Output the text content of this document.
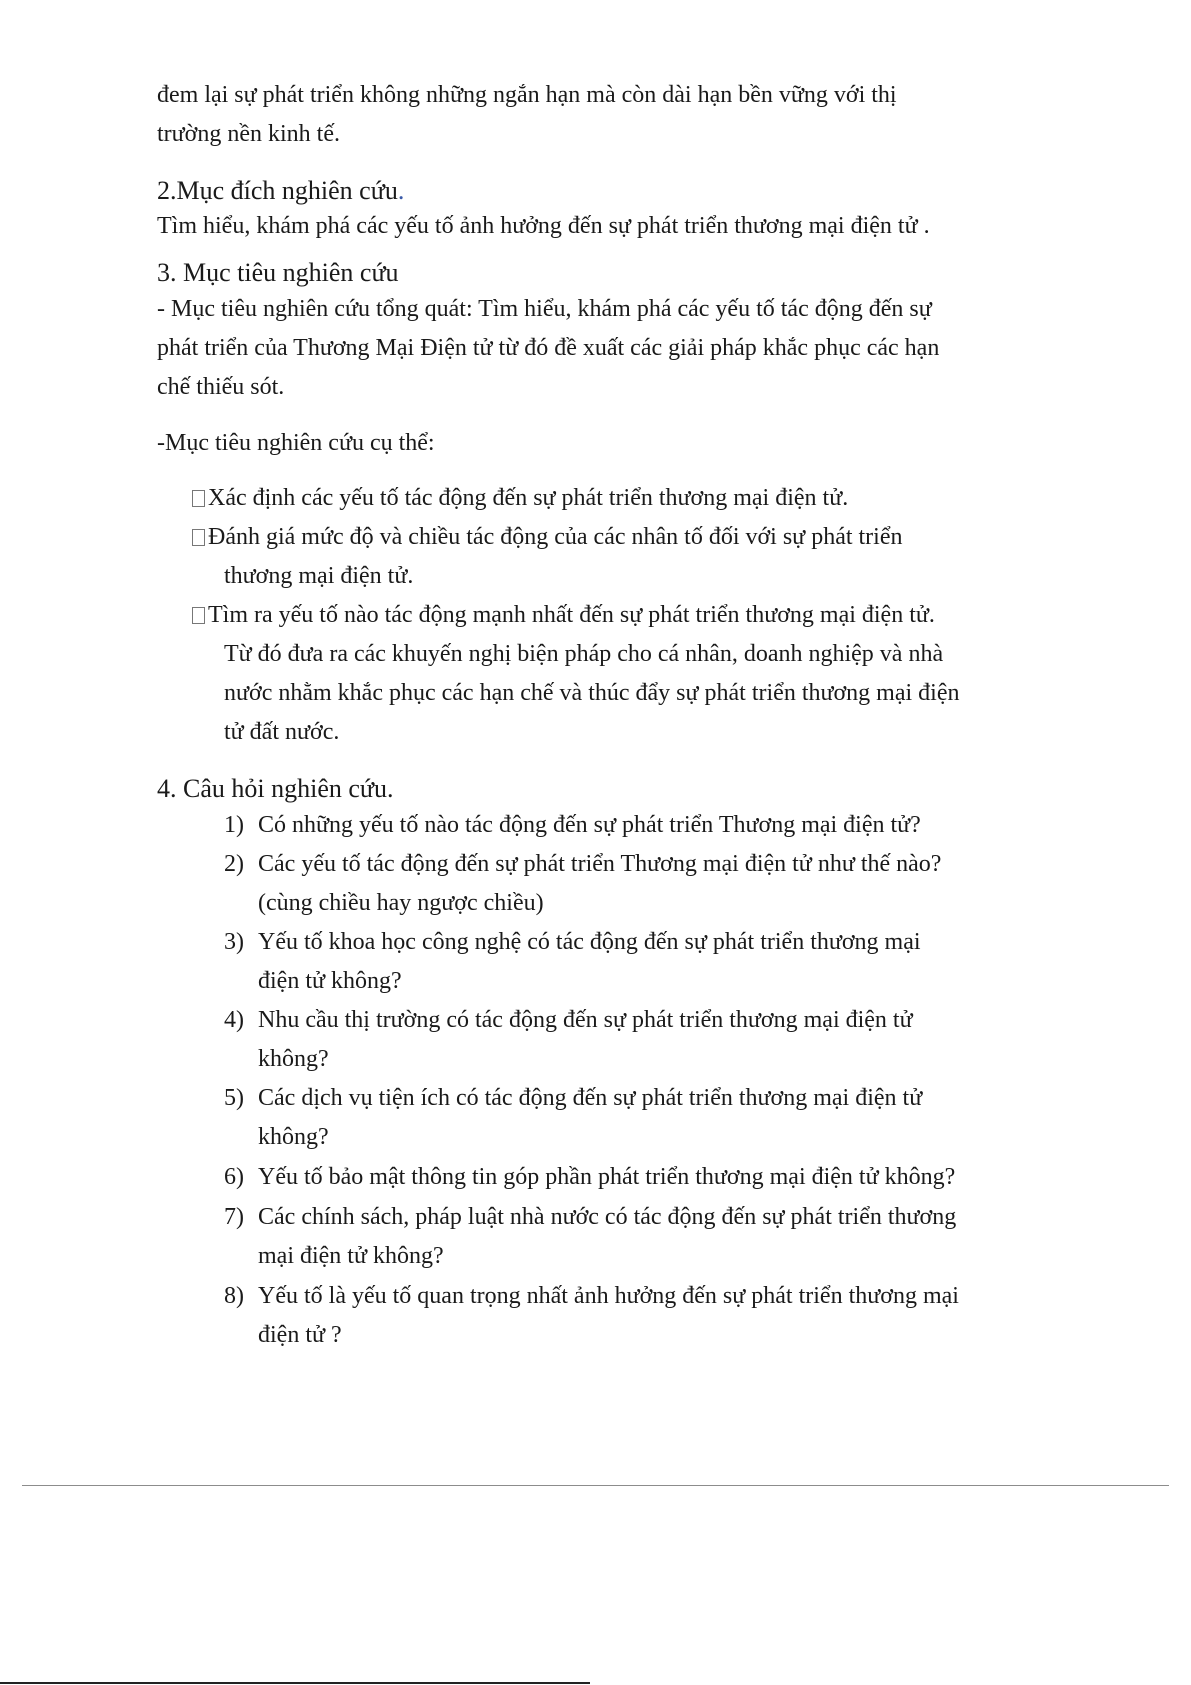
đem lại sự phát triển không những ngắn hạn mà còn dài hạn bền vững với thị
trường nền kinh tế.

2.Mục đích nghiên cứu.

Tìm hiểu, khám phá các yếu tố ảnh hưởng đến sự phát triển thương mại điện tử .

3. Mục tiêu nghiên cứu

- Mục tiêu nghiên cứu tổng quát: Tìm hiểu, khám phá các yếu tố tác động đến sự
phát triển của Thương Mại Điện tử từ đó đề xuất các giải pháp khắc phục các hạn
chế thiếu sót.

-Mục tiêu nghiên cứu cụ thể:

Xác định các yếu tố tác động đến sự phát triển thương mại điện tử.

Đánh giá mức độ và chiều tác động của các nhân tố đối với sự phát triển
thương mại điện tử.

Tìm ra yếu tố nào tác động mạnh nhất đến sự phát triển thương mại điện tử.
Từ đó đưa ra các khuyến nghị biện pháp cho cá nhân, doanh nghiệp và nhà
nước nhằm khắc phục các hạn chế và thúc đẩy sự phát triển thương mại điện
tử đất nước.

4. Câu hỏi nghiên cứu.

1) Có những yếu tố nào tác động đến sự phát triển Thương mại điện tử?

2) Các yếu tố tác động đến sự phát triển Thương mại điện tử như thế nào?
(cùng chiều hay ngược chiều)

3) Yếu tố khoa học công nghệ có tác động đến sự phát triển thương mại
điện tử không?

4) Nhu cầu thị trường có tác động đến sự phát triển thương mại điện tử
không?

5) Các dịch vụ tiện ích có tác động đến sự phát triển thương mại điện tử
không?

6) Yếu tố bảo mật thông tin góp phần phát triển thương mại điện tử không?

7) Các chính sách, pháp luật nhà nước có tác động đến sự phát triển thương
mại điện tử không?

8) Yếu tố là yếu tố quan trọng nhất ảnh hưởng đến sự phát triển thương mại
điện tử ?
